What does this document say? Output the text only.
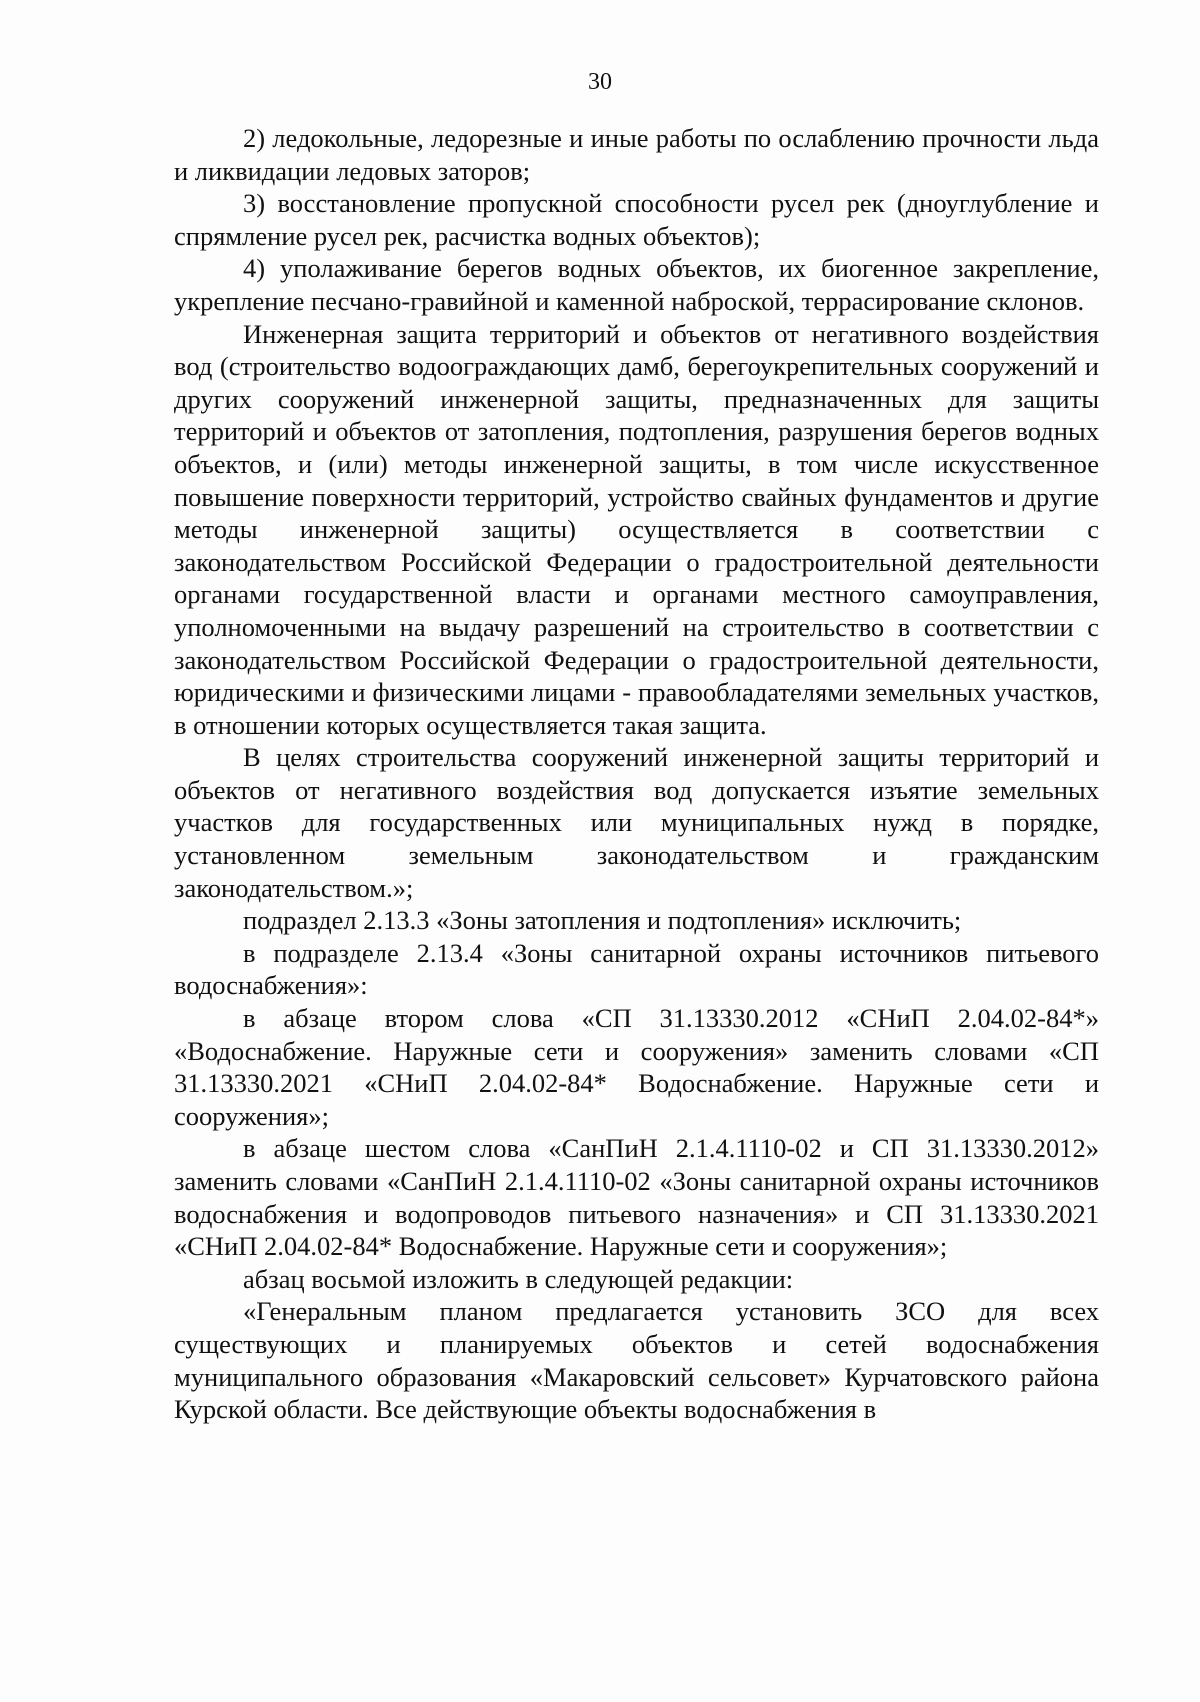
30

2) ледокольные, ледорезные и иные работы по ослаблению прочности льда и ликвидации ледовых заторов;

3) восстановление пропускной способности русел рек (дноуглубление и спрямление русел рек, расчистка водных объектов);

4) уполаживание берегов водных объектов, их биогенное закрепление, укрепление песчано-гравийной и каменной наброской, террасирование склонов.

Инженерная защита территорий и объектов от негативного воздействия вод (строительство водоограждающих дамб, берегоукрепительных сооружений и других сооружений инженерной защиты, предназначенных для защиты территорий и объектов от затопления, подтопления, разрушения берегов водных объектов, и (или) методы инженерной защиты, в том числе искусственное повышение поверхности территорий, устройство свайных фундаментов и другие методы инженерной защиты) осуществляется в соответствии с законодательством Российской Федерации о градостроительной деятельности органами государственной власти и органами местного самоуправления, уполномоченными на выдачу разрешений на строительство в соответствии с законодательством Российской Федерации о градостроительной деятельности, юридическими и физическими лицами - правообладателями земельных участков, в отношении которых осуществляется такая защита.

В целях строительства сооружений инженерной защиты территорий и объектов от негативного воздействия вод допускается изъятие земельных участков для государственных или муниципальных нужд в порядке, установленном земельным законодательством и гражданским законодательством.»;

подраздел 2.13.3 «Зоны затопления и подтопления» исключить;

в подразделе 2.13.4 «Зоны санитарной охраны источников питьевого водоснабжения»:

в абзаце втором слова «СП 31.13330.2012 «СНиП 2.04.02-84*» «Водоснабжение. Наружные сети и сооружения» заменить словами «СП 31.13330.2021 «СНиП 2.04.02-84* Водоснабжение. Наружные сети и сооружения»;

в абзаце шестом слова «СанПиН 2.1.4.1110-02 и СП 31.13330.2012» заменить словами «СанПиН 2.1.4.1110-02 «Зоны санитарной охраны источников водоснабжения и водопроводов питьевого назначения» и СП 31.13330.2021 «СНиП 2.04.02-84* Водоснабжение. Наружные сети и сооружения»;

абзац восьмой изложить в следующей редакции:

«Генеральным планом предлагается установить ЗСО для всех существующих и планируемых объектов и сетей водоснабжения муниципального образования «Макаровский сельсовет» Курчатовского района Курской области. Все действующие объекты водоснабжения в
